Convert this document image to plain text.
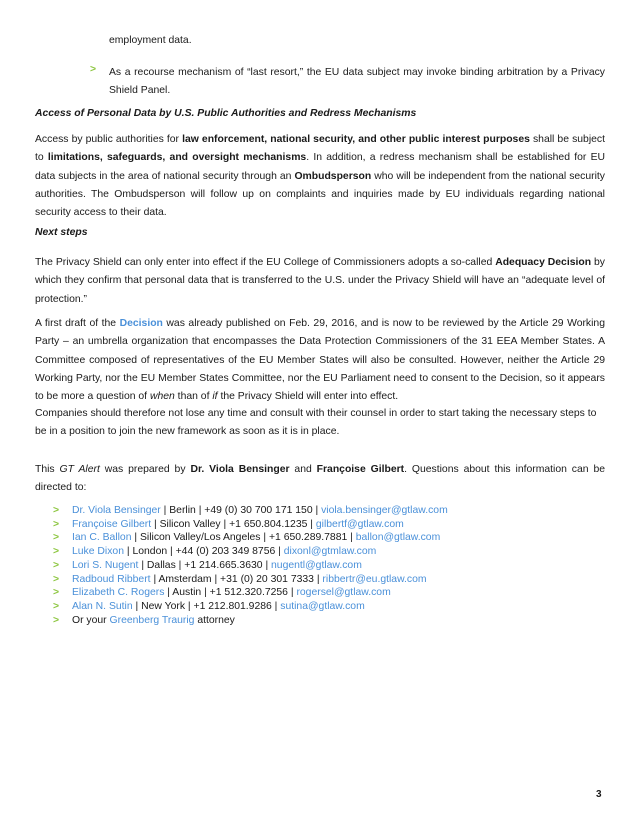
employment data.

> As a recourse mechanism of “last resort,” the EU data subject may invoke binding arbitration by a Privacy Shield Panel.

Access of Personal Data by U.S. Public Authorities and Redress Mechanisms

Access by public authorities for law enforcement, national security, and other public interest purposes shall be subject to limitations, safeguards, and oversight mechanisms. In addition, a redress mechanism shall be established for EU data subjects in the area of national security through an Ombudsperson who will be independent from the national security authorities. The Ombudsperson will follow up on complaints and inquiries made by EU individuals regarding national security access to their data.

Next steps

The Privacy Shield can only enter into effect if the EU College of Commissioners adopts a so-called Adequacy Decision by which they confirm that personal data that is transferred to the U.S. under the Privacy Shield will have an “adequate level of protection.”

A first draft of the Decision was already published on Feb. 29, 2016, and is now to be reviewed by the Article 29 Working Party – an umbrella organization that encompasses the Data Protection Commissioners of the 31 EEA Member States. A Committee composed of representatives of the EU Member States will also be consulted. However, neither the Article 29 Working Party, nor the EU Member States Committee, nor the EU Parliament need to consent to the Decision, so it appears to be more a question of when than of if the Privacy Shield will enter into effect.

Companies should therefore not lose any time and consult with their counsel in order to start taking the necessary steps to be in a position to join the new framework as soon as it is in place.

This GT Alert was prepared by Dr. Viola Bensinger and Françoise Gilbert. Questions about this information can be directed to:

> Dr. Viola Bensinger | Berlin | +49 (0) 30 700 171 150 | viola.bensinger@gtlaw.com
> Françoise Gilbert | Silicon Valley | +1 650.804.1235 | gilbertf@gtlaw.com
> Ian C. Ballon | Silicon Valley/Los Angeles | +1 650.289.7881 | ballon@gtlaw.com
> Luke Dixon | London | +44 (0) 203 349 8756 | dixonl@gtmlaw.com
> Lori S. Nugent | Dallas | +1 214.665.3630 | nugentl@gtlaw.com
> Radboud Ribbert | Amsterdam | +31 (0) 20 301 7333 | ribbertr@eu.gtlaw.com
> Elizabeth C. Rogers | Austin | +1 512.320.7256 | rogersel@gtlaw.com
> Alan N. Sutin | New York | +1 212.801.9286 | sutina@gtlaw.com
> Or your Greenberg Traurig attorney
3
